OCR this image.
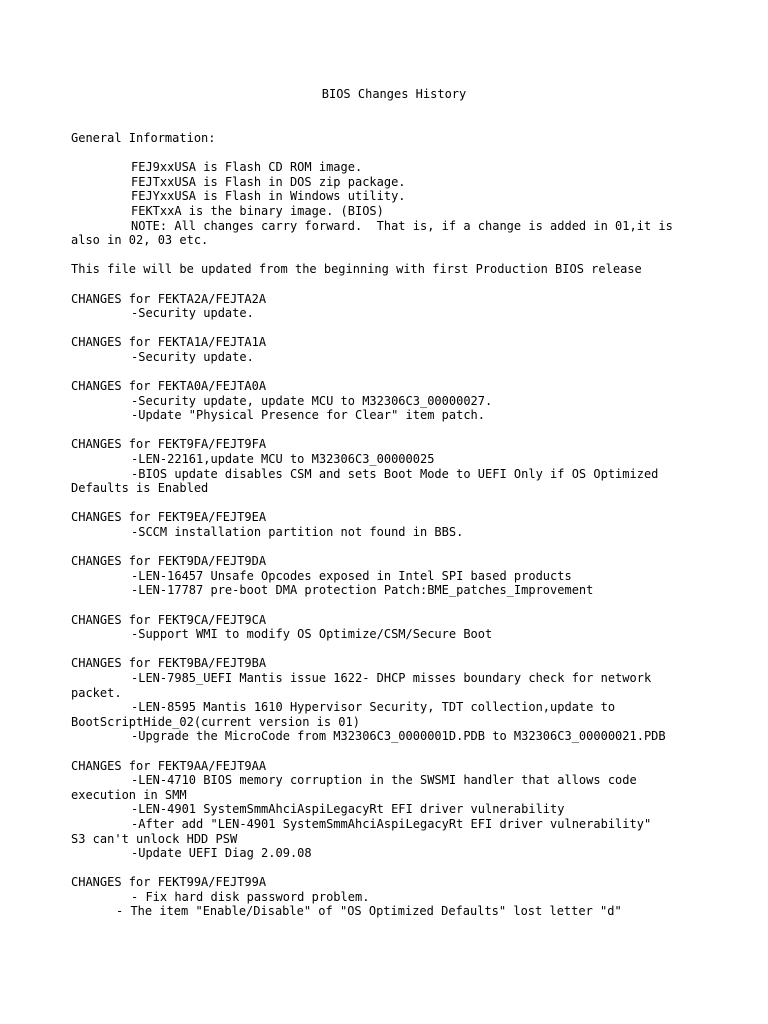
BIOS Changes History
General Information:
FEJ9xxUSA is Flash CD ROM image.
FEJTxxUSA is Flash in DOS zip package.
FEJYxxUSA is Flash in Windows utility.
FEKTxxA is the binary image. (BIOS)
NOTE: All changes carry forward.  That is, if a change is added in 01,it is
also in 02, 03 etc.
This file will be updated from the beginning with first Production BIOS release
CHANGES for FEKTA2A/FEJTA2A
-Security update.
CHANGES for FEKTA1A/FEJTA1A
-Security update.
CHANGES for FEKTA0A/FEJTA0A
-Security update, update MCU to M32306C3_00000027.
-Update "Physical Presence for Clear" item patch.
CHANGES for FEKT9FA/FEJT9FA
-LEN-22161,update MCU to M32306C3_00000025
-BIOS update disables CSM and sets Boot Mode to UEFI Only if OS Optimized
Defaults is Enabled
CHANGES for FEKT9EA/FEJT9EA
-SCCM installation partition not found in BBS.
CHANGES for FEKT9DA/FEJT9DA
-LEN-16457 Unsafe Opcodes exposed in Intel SPI based products
-LEN-17787 pre-boot DMA protection Patch:BME_patches_Improvement
CHANGES for FEKT9CA/FEJT9CA
-Support WMI to modify OS Optimize/CSM/Secure Boot
CHANGES for FEKT9BA/FEJT9BA
-LEN-7985_UEFI Mantis issue 1622- DHCP misses boundary check for network
packet.
-LEN-8595 Mantis 1610 Hypervisor Security, TDT collection,update to
BootScriptHide_02(current version is 01)
-Upgrade the MicroCode from M32306C3_0000001D.PDB to M32306C3_00000021.PDB
CHANGES for FEKT9AA/FEJT9AA
-LEN-4710 BIOS memory corruption in the SWSMI handler that allows code
execution in SMM
-LEN-4901 SystemSmmAhciAspiLegacyRt EFI driver vulnerability
-After add "LEN-4901 SystemSmmAhciAspiLegacyRt EFI driver vulnerability"
S3 can't unlock HDD PSW
-Update UEFI Diag 2.09.08
CHANGES for FEKT99A/FEJT99A
- Fix hard disk password problem.
- The item "Enable/Disable" of "OS Optimized Defaults" lost letter "d"
